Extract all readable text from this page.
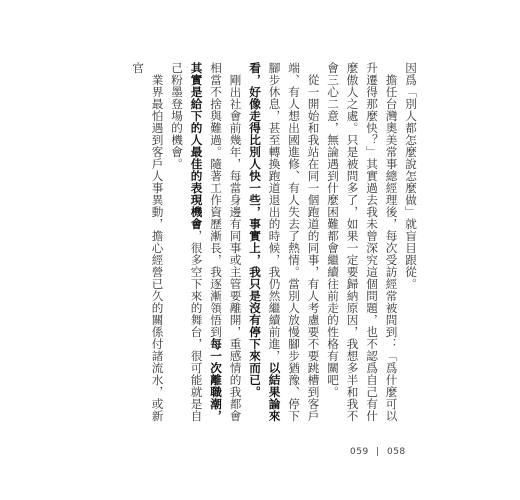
因爲「別人都怎麼說怎麼做」就盲目跟從。

　擔任台灣奧美常事總經理後，每次受訪經常被問到：「爲什麼可以升遷得那麼快？」其實過去我未曾深究這個問題，也不認爲自己有什麼傲人之處。只是被問多了，如果一定要歸納原因，我想多半和我不會三心二意，無論遇到什麼困難都會繼續往前走的性格有關吧。

　從一開始和我站在同一個跑道的同事，有人考慮要不要跳槽到客戶端、有人想出國進修、有人失去了熱情。當別人放慢腳步猶豫、停下腳步休息，甚至轉換跑道退出的時候，我仍然繼續前進，以結果論來看，好像走得比別人快一些，事實上，我只是沒有停下來而已。

　剛出社會前幾年，每當身邊有同事或主管要離開，重感情的我都會相當不捨與難過。隨著工作資歷漸長，我逐漸領悟到每一次離職潮，其實是給下的人最佳的表現機會，很多空下來的舞台，很可能就是自己粉墨登場的機會。

　業界最怕遇到客戶人事異動，擔心經營已久的關係付諸流水，或新官

059 | 058
